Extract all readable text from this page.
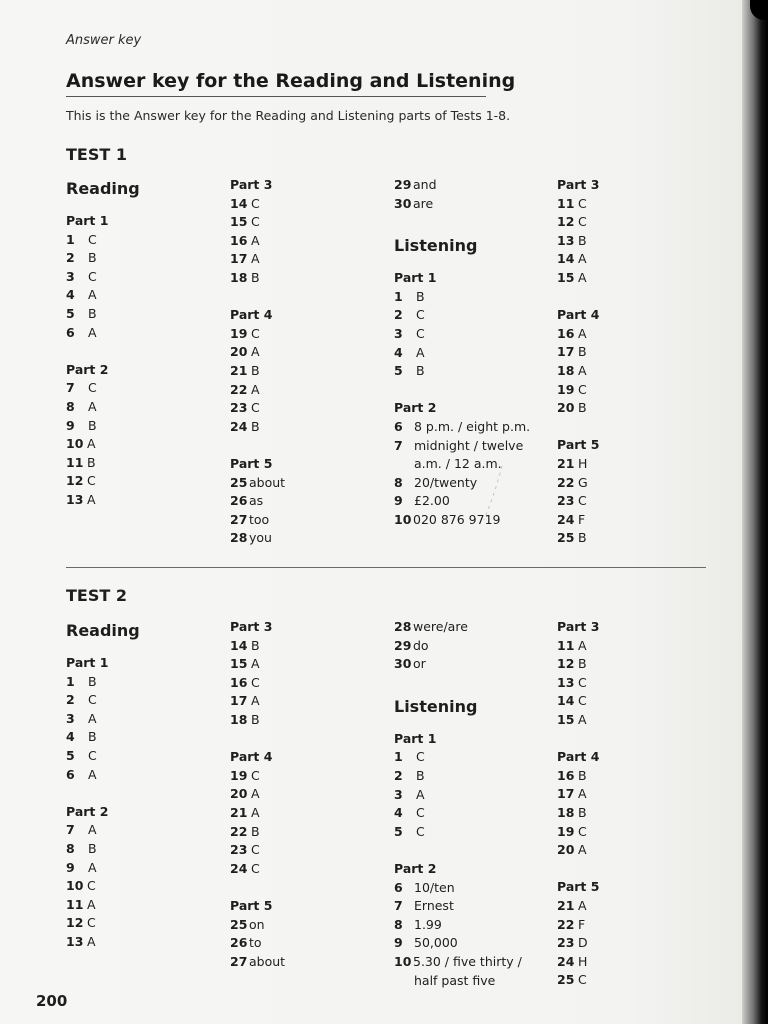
Answer key
Answer key for the Reading and Listening
This is the Answer key for the Reading and Listening parts of Tests 1-8.
TEST 1
Reading
Part 1
1 C
2 B
3 C
4 A
5 B
6 A
Part 2
7 C
8 A
9 B
10 A
11 B
12 C
13 A
Part 3
14 C
15 C
16 A
17 A
18 B
Part 4
19 C
20 A
21 B
22 A
23 C
24 B
Part 5
25 about
26 as
27 too
28 you
29 and
30 are
Listening
Part 1
1 B
2 C
3 C
4 A
5 B
Part 2
6 8 p.m. / eight p.m.
7 midnight / twelve
a.m. / 12 a.m.
8 20/twenty
9 £2.00
10 020 876 9719
Part 3
11 C
12 C
13 B
14 A
15 A
Part 4
16 A
17 B
18 A
19 C
20 B
Part 5
21 H
22 G
23 C
24 F
25 B
TEST 2
Reading
Part 1
1 B
2 C
3 A
4 B
5 C
6 A
Part 2
7 A
8 B
9 A
10 C
11 A
12 C
13 A
Part 3
14 B
15 A
16 C
17 A
18 B
Part 4
19 C
20 A
21 A
22 B
23 C
24 C
Part 5
25 on
26 to
27 about
28 were/are
29 do
30 or
Listening
Part 1
1 C
2 B
3 A
4 C
5 C
Part 2
6 10/ten
7 Ernest
8 1.99
9 50,000
10 5.30 / five thirty /
half past five
Part 3
11 A
12 B
13 C
14 C
15 A
Part 4
16 B
17 A
18 B
19 C
20 A
Part 5
21 A
22 F
23 D
24 H
25 C
200
